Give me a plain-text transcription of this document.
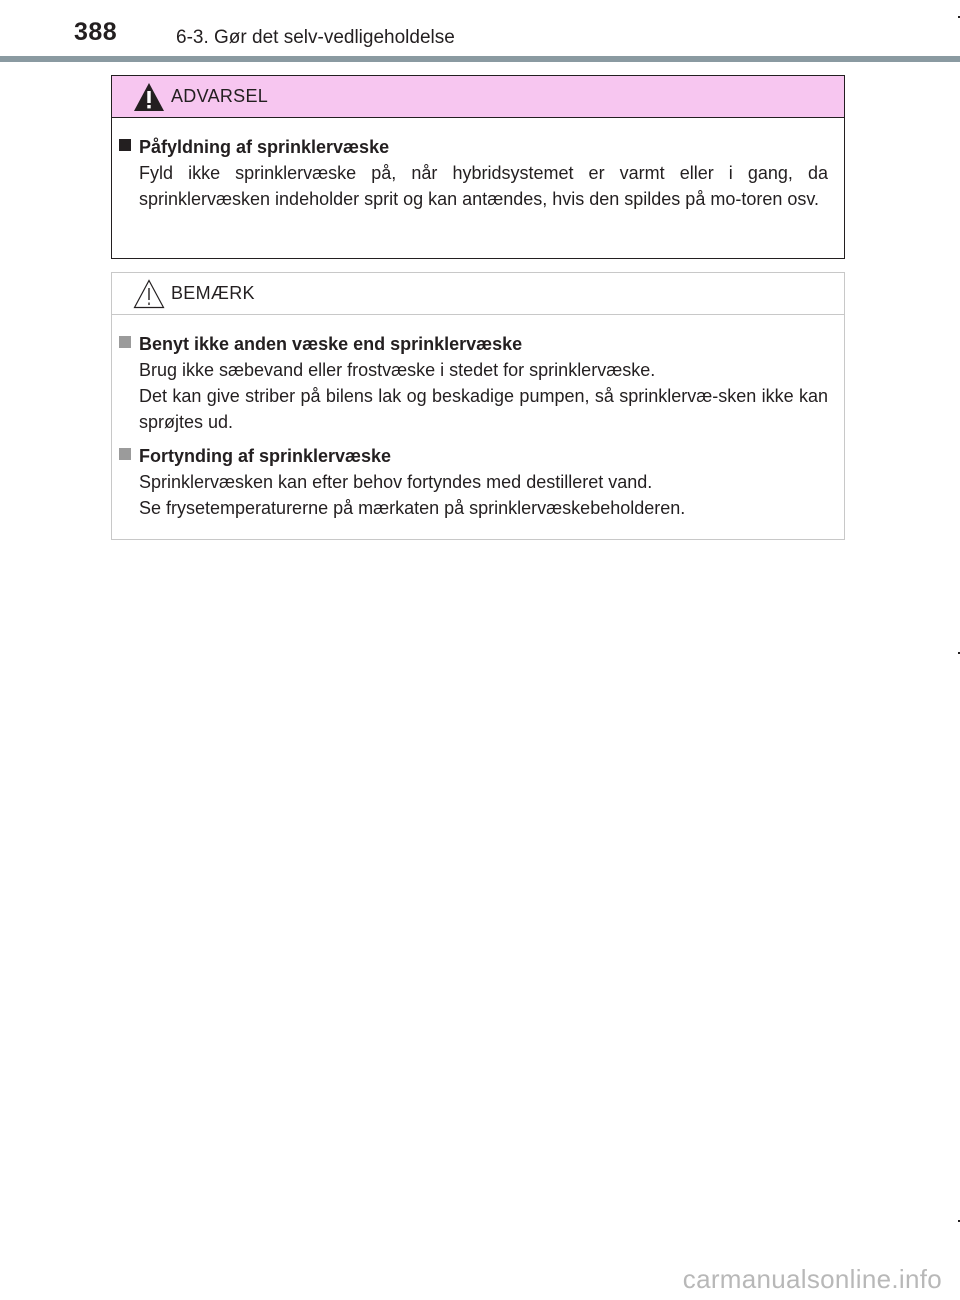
388	6-3. Gør det selv-vedligeholdelse
ADVARSEL
Påfyldning af sprinklervæske
Fyld ikke sprinklervæske på, når hybridsystemet er varmt eller i gang, da sprinklervæsken indeholder sprit og kan antændes, hvis den spildes på mo-toren osv.
BEMÆRK
Benyt ikke anden væske end sprinklervæske
Brug ikke sæbevand eller frostvæske i stedet for sprinklervæske.
Det kan give striber på bilens lak og beskadige pumpen, så sprinklervæ-sken ikke kan sprøjtes ud.
Fortynding af sprinklervæske
Sprinklervæsken kan efter behov fortyndes med destilleret vand.
Se frysetemperaturerne på mærkaten på sprinklervæskebeholderen.
carmanualsonline.info
